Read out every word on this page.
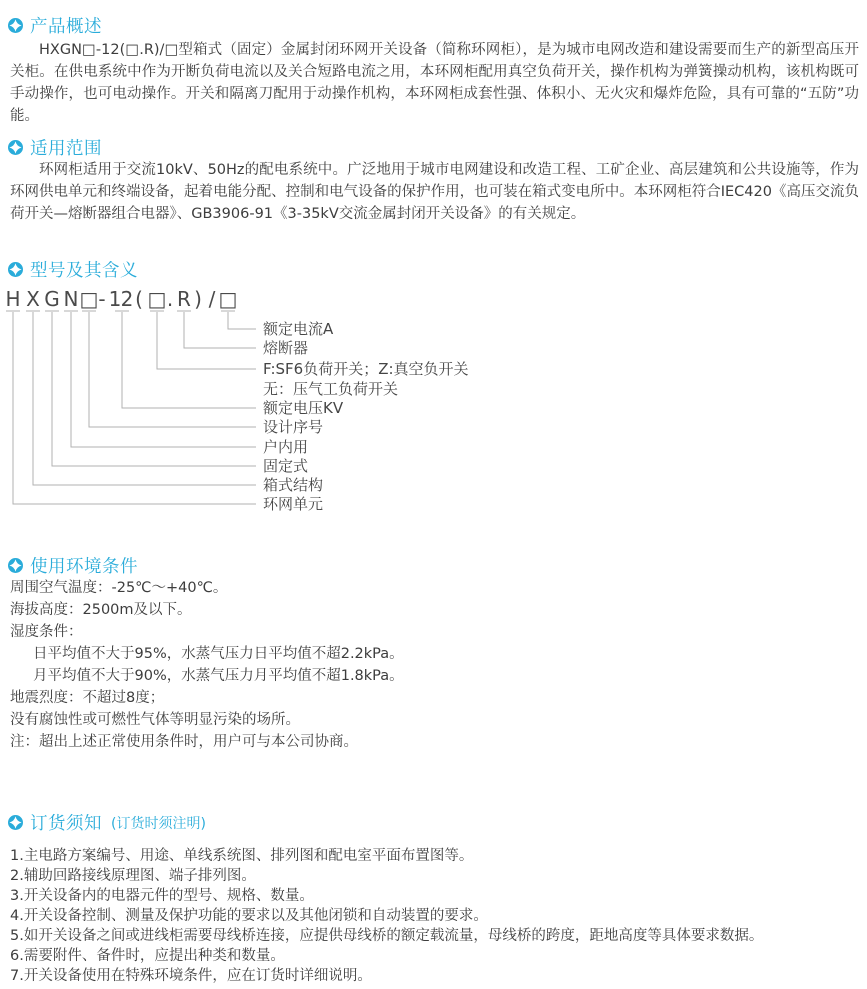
产品概述
HXGN□-12(□.R)/□型箱式（固定）金属封闭环网开关设备（简称环网柜），是为城市电网改造和建设需要而生产的新型高压开关柜。在供电系统中作为开断负荷电流以及关合短路电流之用，本环网柜配用真空负荷开关，操作机构为弹簧操动机构，该机构既可手动操作，也可电动操作。开关和隔离刀配用于动操作机构，本环网柜成套性强、体积小、无火灾和爆炸危险，具有可靠的“五防”功能。
适用范围
环网柜适用于交流10kV、50Hz的配电系统中。广泛地用于城市电网建设和改造工程、工矿企业、高层建筑和公共设施等，作为环网供电单元和终端设备，起着电能分配、控制和电气设备的保护作用，也可装在箱式变电所中。本环网柜符合IEC420《高压交流负荷开关—熔断器组合电器》、GB3906-91《3-35kV交流金属封闭开关设备》的有关规定。
型号及其含义
H X G N □ - 1 2 ( □ . R ) / □
额定电流A
熔断器
F:SF6负荷开关；Z:真空负开关
无：压气工负荷开关
额定电压KV
设计序号
户内用
固定式
箱式结构
环网单元
使用环境条件
周围空气温度：-25℃～+40℃。
海拔高度：2500m及以下。
湿度条件：
日平均值不大于95%，水蒸气压力日平均值不超2.2kPa。
月平均值不大于90%，水蒸气压力月平均值不超1.8kPa。
地震烈度：不超过8度；
没有腐蚀性或可燃性气体等明显污染的场所。
注：超出上述正常使用条件时，用户可与本公司协商。
订货须知 (订货时须注明)
1.主电路方案编号、用途、单线系统图、排列图和配电室平面布置图等。
2.辅助回路接线原理图、端子排列图。
3.开关设备内的电器元件的型号、规格、数量。
4.开关设备控制、测量及保护功能的要求以及其他闭锁和自动装置的要求。
5.如开关设备之间或进线柜需要母线桥连接，应提供母线桥的额定载流量，母线桥的跨度，距地高度等具体要求数据。
6.需要附件、备件时，应提出种类和数量。
7.开关设备使用在特殊环境条件，应在订货时详细说明。
